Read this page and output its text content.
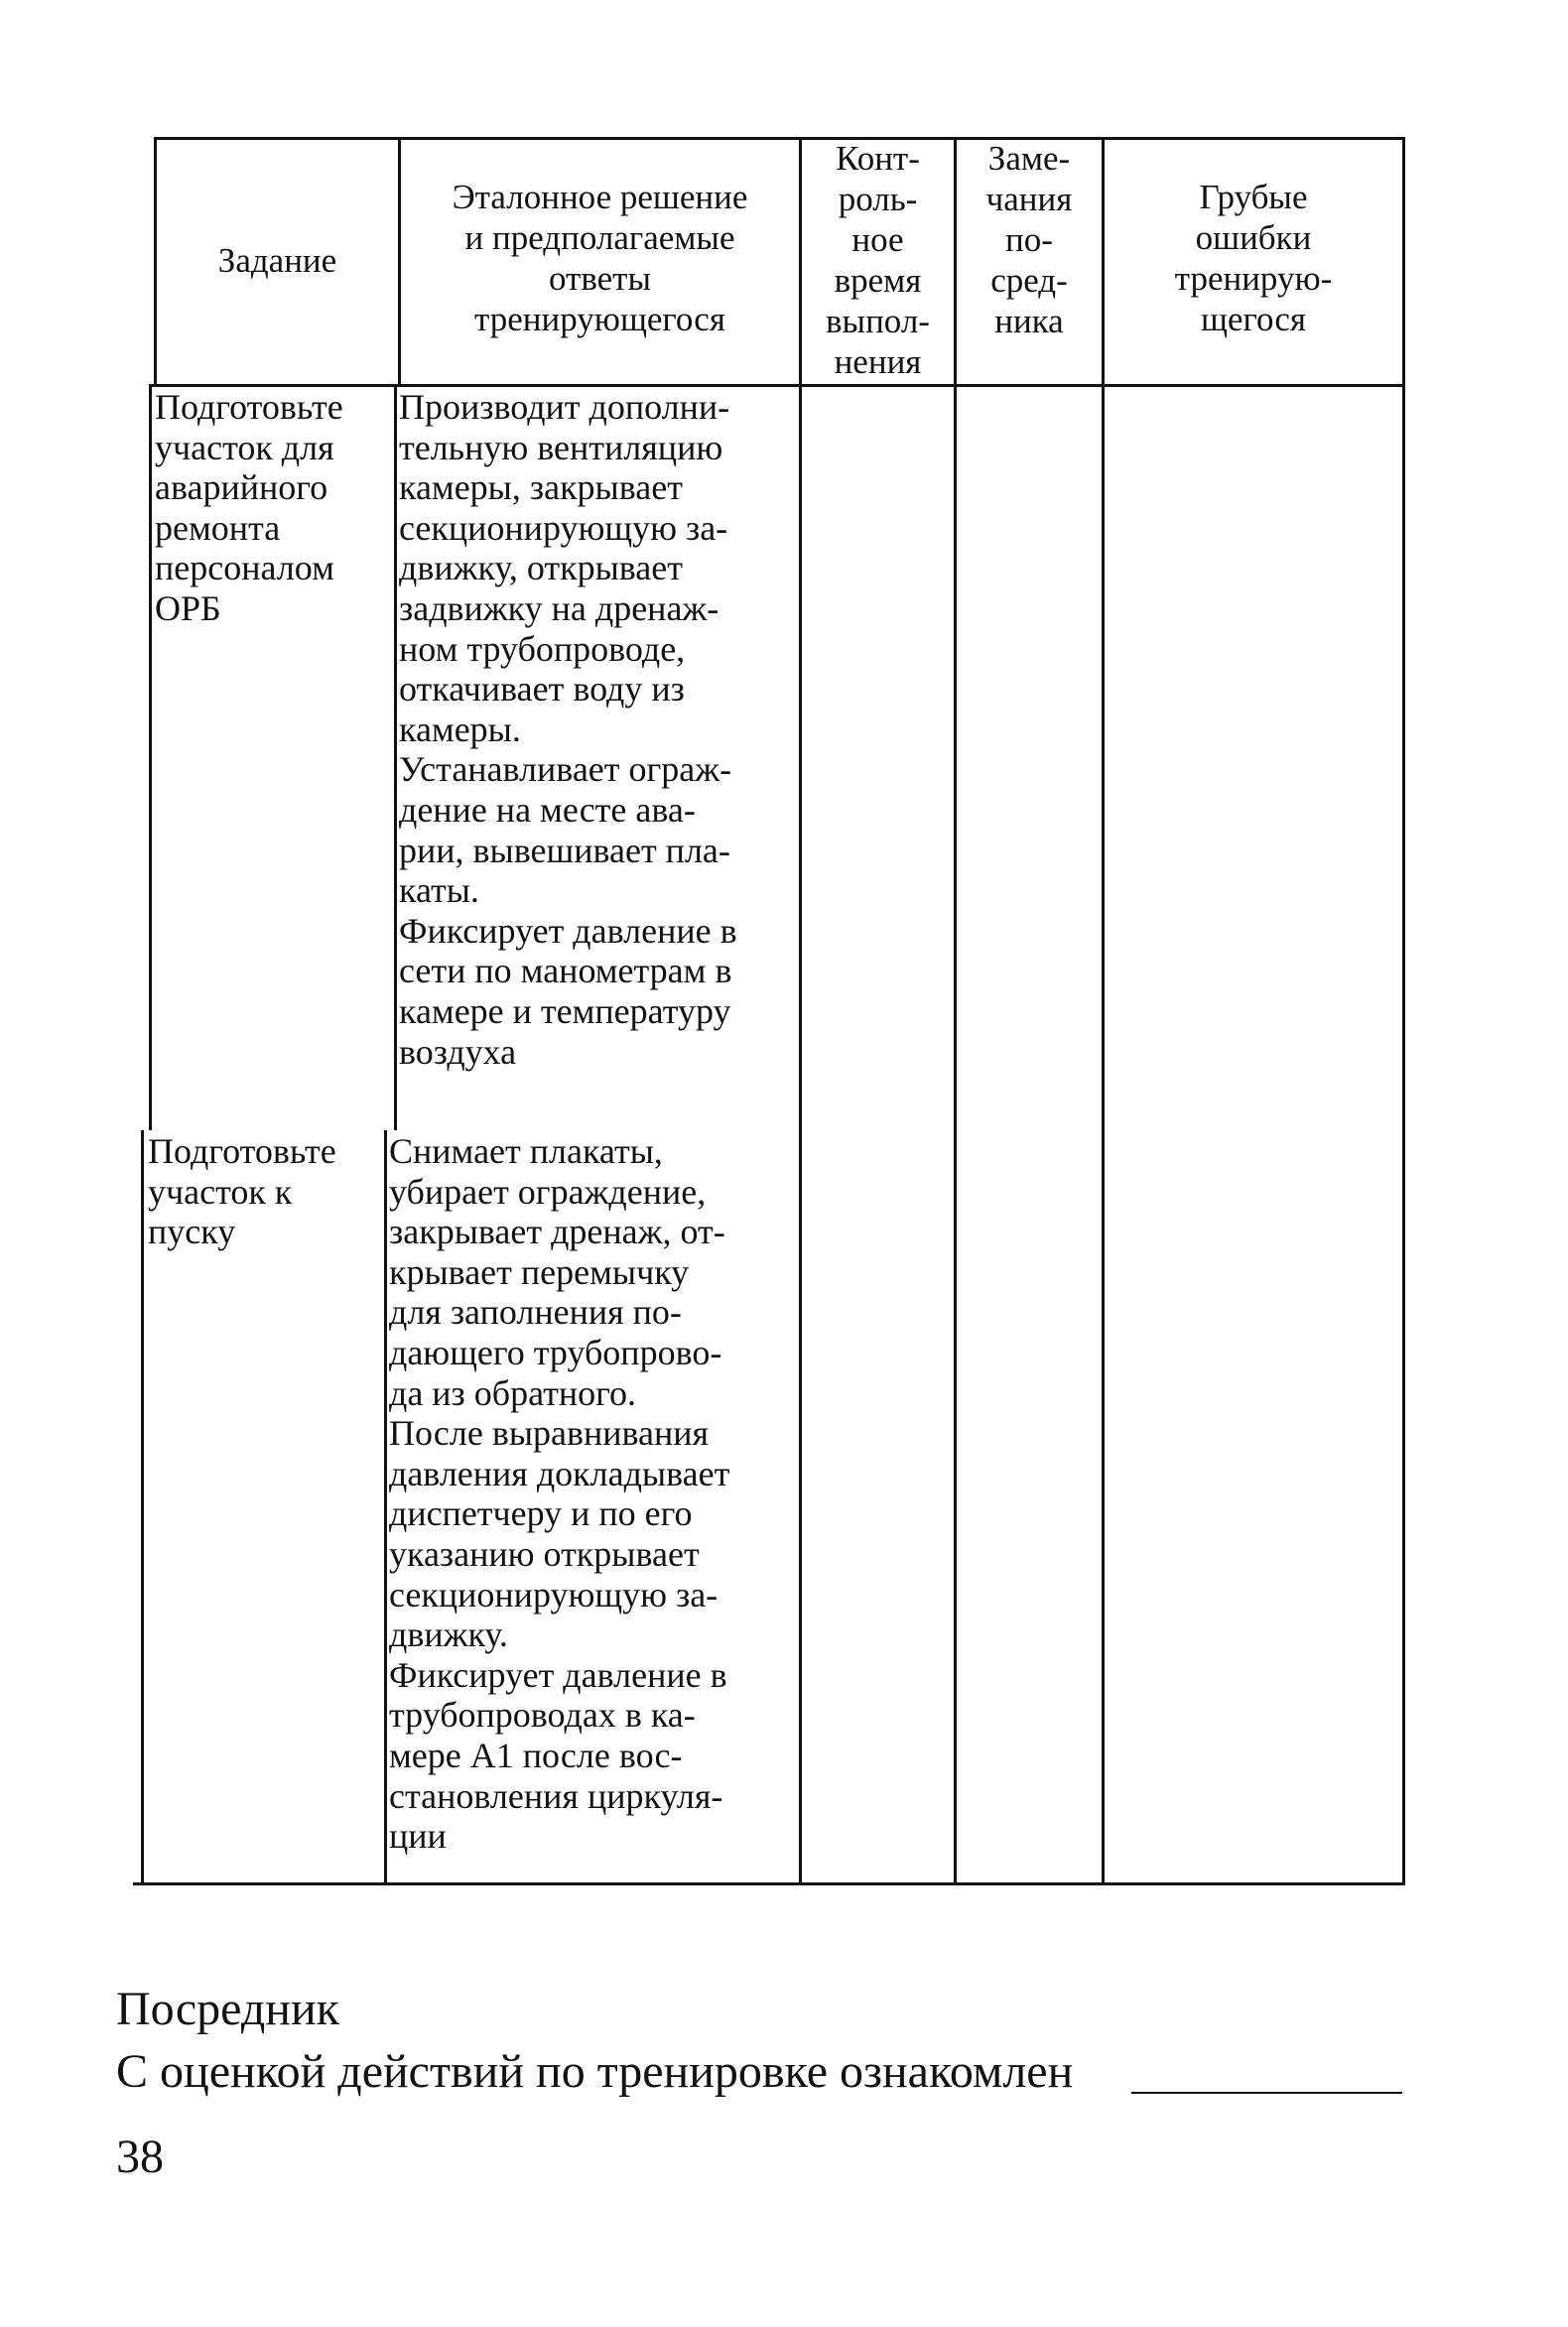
Задание
Эталонное решение
и предполагаемые
ответы
тренирующегося
Конт-
роль-
ное
время
выпол-
нения
Заме-
чания
по-
сред-
ника
Грубые
ошибки
тренирую-
щегося
Подготовьте
участок для
аварийного
ремонта
персоналом
ОРБ
Производит дополни-
тельную вентиляцию
камеры, закрывает
секционирующую за-
движку, открывает
задвижку на дренаж-
ном трубопроводе,
откачивает воду из
камеры.
Устанавливает ограж-
дение на месте ава-
рии, вывешивает пла-
каты.
Фиксирует давление в
сети по манометрам в
камере и температуру
воздуха
Подготовьте
участок к
пуску
Снимает плакаты,
убирает ограждение,
закрывает дренаж, от-
крывает перемычку
для заполнения по-
дающего трубопрово-
да из обратного.
После выравнивания
давления докладывает
диспетчеру и по его
указанию открывает
секционирующую за-
движку.
Фиксирует давление в
трубопроводах в ка-
мере А1 после вос-
становления циркуля-
ции
Посредник
С оценкой действий по тренировке ознакомлен
38
